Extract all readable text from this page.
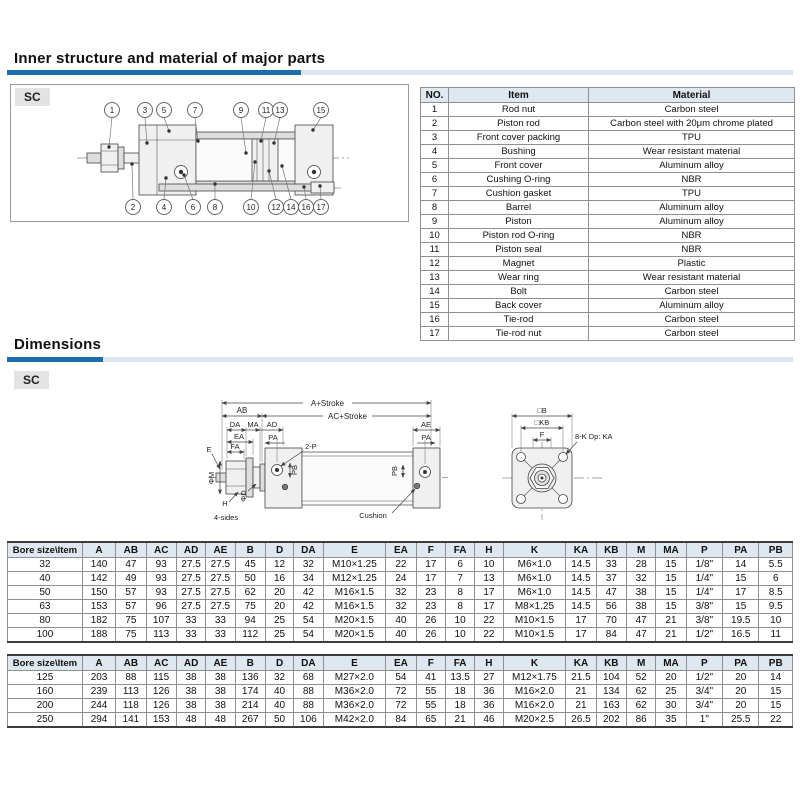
Inner structure and material of major parts
SC
1	3 5	7	9 11 13	15
2	4	6 8	10 12 14 16 17
NO.	Item	Material
1	Rod nut	Carbon steel
2	Piston rod	Carbon steel with 20μm chrome plated
3	Front cover packing	TPU
4	Bushing	Wear resistant material
5	Front cover	Aluminum alloy
6	Cushing O-ring	NBR
7	Cushion gasket	TPU
8	Barrel	Aluminum alloy
9	Piston	Aluminum alloy
10	Piston rod O-ring	NBR
11	Piston seal	NBR
12	Magnet	Plastic
13	Wear ring	Wear resistant material
14	Bolt	Carbon steel
15	Back cover	Aluminum alloy
16	Tie-rod	Carbon steel
17	Tie-rod nut	Carbon steel
Dimensions
SC
A+Stroke
AB
AC+Stroke
DA MA AD	AE
EA	PA	PA
FA
E	2-P
PB	PB
ΦM
ΦD
H
4-sides	Cushion
□B
□KB
F	8-K Dp: KA
Bore size\Item	A	AB	AC	AD	AE	B	D	DA	E	EA	F	FA	H	K	KA	KB	M	MA	P	PA	PB
32	140	47	93	27.5	27.5	45	12	32	M10×1.25	22	17	6	10	M6×1.0	14.5	33	28	15	1/8"	14	5.5
40	142	49	93	27.5	27.5	50	16	34	M12×1.25	24	17	7	13	M6×1.0	14.5	37	32	15	1/4"	15	6
50	150	57	93	27.5	27.5	62	20	42	M16×1.5	32	23	8	17	M6×1.0	14.5	47	38	15	1/4"	17	8.5
63	153	57	96	27.5	27.5	75	20	42	M16×1.5	32	23	8	17	M8×1.25	14.5	56	38	15	3/8"	15	9.5
80	182	75	107	33	33	94	25	54	M20×1.5	40	26	10	22	M10×1.5	17	70	47	21	3/8"	19.5	10
100	188	75	113	33	33	112	25	54	M20×1.5	40	26	10	22	M10×1.5	17	84	47	21	1/2"	16.5	11
Bore size\Item	A	AB	AC	AD	AE	B	D	DA	E	EA	F	FA	H	K	KA	KB	M	MA	P	PA	PB
125	203	88	115	38	38	136	32	68	M27×2.0	54	41	13.5	27	M12×1.75	21.5	104	52	20	1/2"	20	14
160	239	113	126	38	38	174	40	88	M36×2.0	72	55	18	36	M16×2.0	21	134	62	25	3/4"	20	15
200	244	118	126	38	38	214	40	88	M36×2.0	72	55	18	36	M16×2.0	21	163	62	30	3/4"	20	15
250	294	141	153	48	48	267	50	106	M42×2.0	84	65	21	46	M20×2.5	26.5	202	86	35	1"	25.5	22
